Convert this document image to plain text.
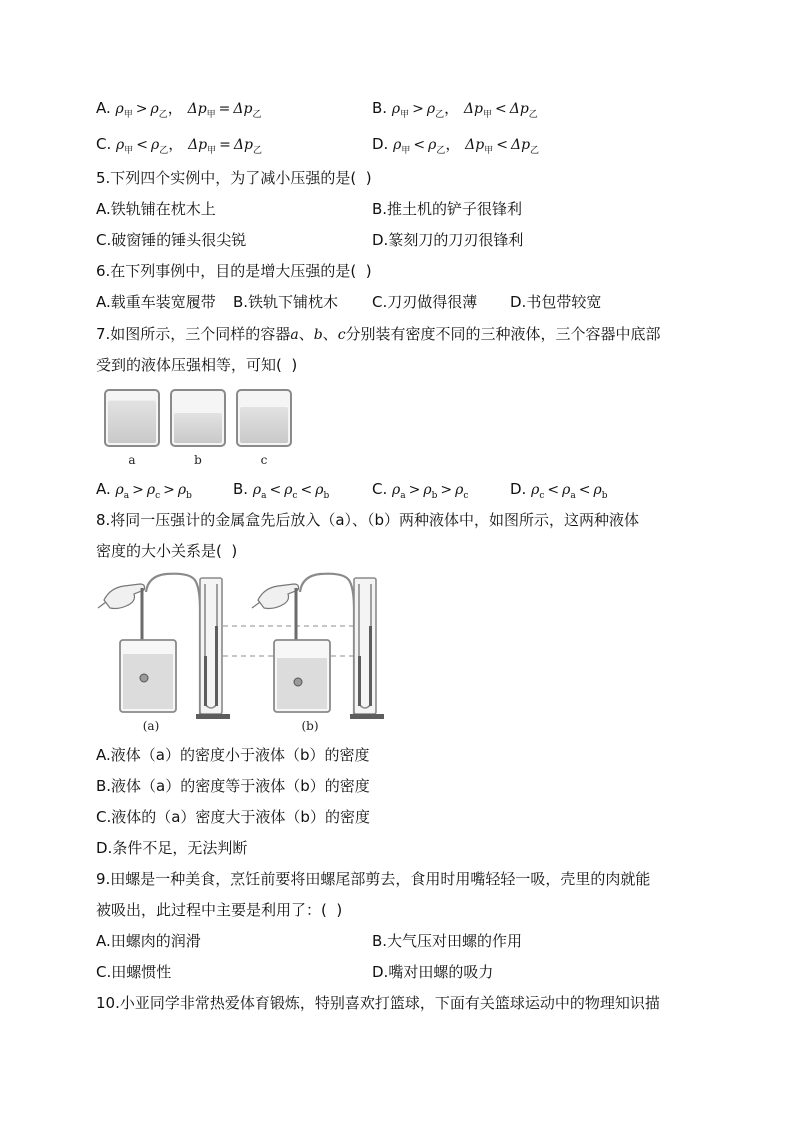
A. $\rho_甲 > \rho_乙$， $\Delta p_甲 = \Delta p_乙$	B. $\rho_甲 > \rho_乙$， $\Delta p_甲 < \Delta p_乙$
C. $\rho_甲 < \rho_乙$， $\Delta p_甲 = \Delta p_乙$	D. $\rho_甲 < \rho_乙$， $\Delta p_甲 < \Delta p_乙$
5.下列四个实例中，为了减小压强的是(  )
A.铁轨铺在枕木上	B.推土机的铲子很锋利
C.破窗锤的锤头很尖锐	D.篆刻刀的刀刃很锋利
6.在下列事例中，目的是增大压强的是(  )
A.载重车装宽履带 B.铁轨下铺枕木 C.刀刃做得很薄 D.书包带较宽
7.如图所示，三个同样的容器a、b、c分别装有密度不同的三种液体，三个容器中底部
受到的液体压强相等，可知(  )
a	b	c
A. $\rho_a > \rho_c > \rho_b$	B. $\rho_a < \rho_c < \rho_b$	C. $\rho_a > \rho_b > \rho_c$	D. $\rho_c < \rho_a < \rho_b$
8.将同一压强计的金属盒先后放入（a）、（b）两种液体中，如图所示，这两种液体
密度的大小关系是(  )
(a)	(b)
A.液体（a）的密度小于液体（b）的密度
B.液体（a）的密度等于液体（b）的密度
C.液体的（a）密度大于液体（b）的密度
D.条件不足，无法判断
9.田螺是一种美食，烹饪前要将田螺尾部剪去，食用时用嘴轻轻一吸，壳里的肉就能
被吸出，此过程中主要是利用了：(  )
A.田螺肉的润滑	B.大气压对田螺的作用
C.田螺惯性	D.嘴对田螺的吸力
10.小亚同学非常热爱体育锻炼，特别喜欢打篮球，下面有关篮球运动中的物理知识描
